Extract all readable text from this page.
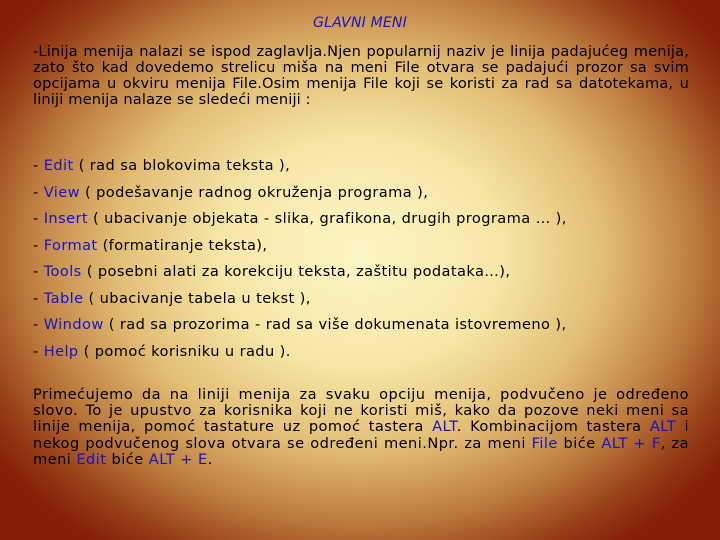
GLAVNI MENI

-Linija menija nalazi se ispod zaglavlja.Njen popularnij naziv je linija padajućeg menija, zato što kad dovedemo strelicu miša na meni File otvara se padajući prozor sa svim opcijama u okviru menija File.Osim menija File koji se koristi za rad sa datotekama, u liniji menija nalaze se sledeći meniji :

- Edit ( rad sa blokovima teksta ),
- View ( podešavanje radnog okruženja programa ),
- Insert ( ubacivanje objekata - slika, grafikona, drugih programa … ),
- Format (formatiranje teksta),
- Tools ( posebni alati za korekciju teksta, zaštitu podataka…),
- Table ( ubacivanje tabela u tekst ),
- Window ( rad sa prozorima - rad sa više dokumenata istovremeno ),
- Help ( pomoć korisniku u radu ).

Primećujemo da na liniji menija za svaku opciju menija, podvučeno je određeno slovo. To je upustvo za korisnika koji ne koristi miš, kako da pozove neki meni sa linije menija, pomoć tastature uz pomoć tastera ALT. Kombinacijom tastera ALT i nekog podvučenog slova otvara se određeni meni.Npr. za meni File biće ALT + F, za meni Edit biće ALT + E.
